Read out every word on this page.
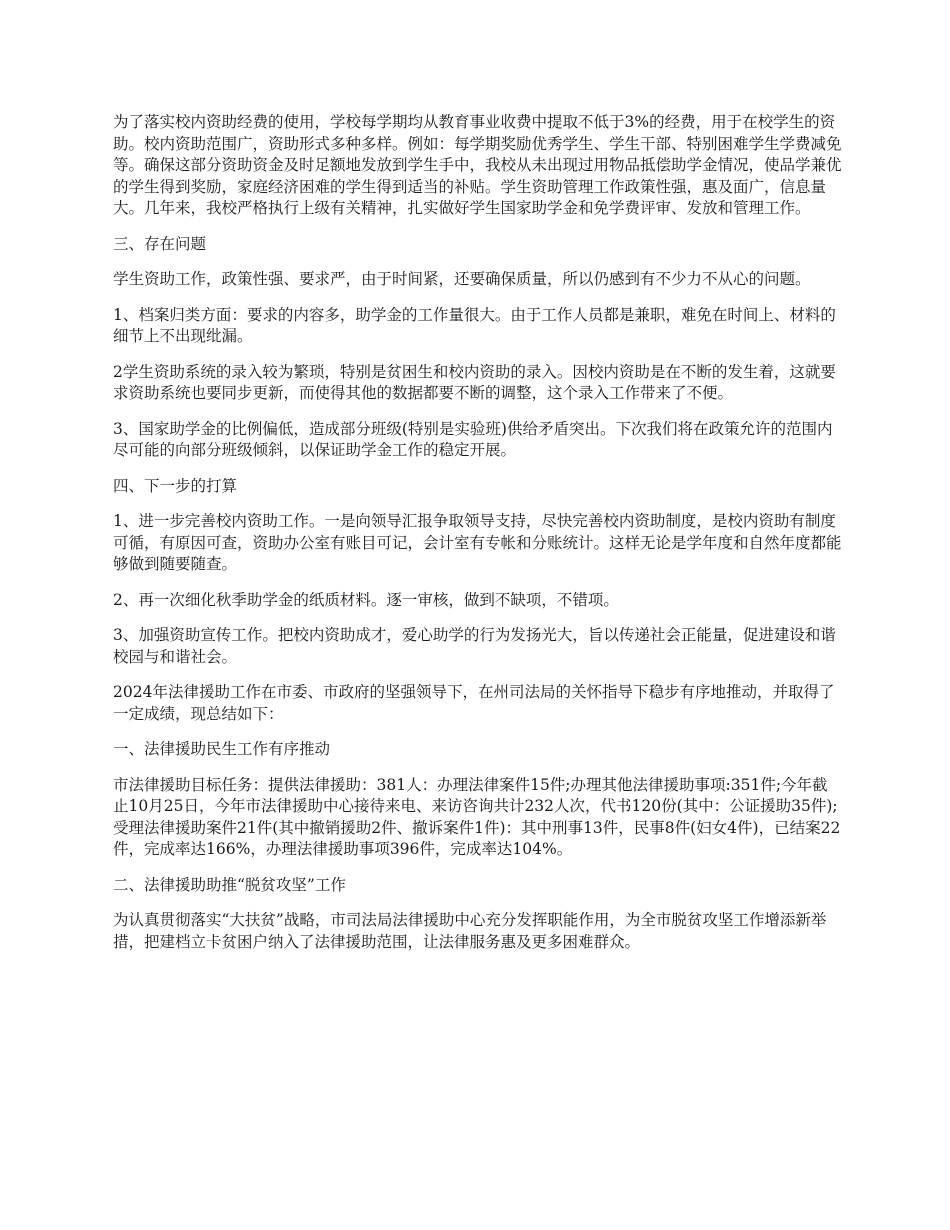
为了落实校内资助经费的使用，学校每学期均从教育事业收费中提取不低于3%的经费，用于在校学生的资助。校内资助范围广，资助形式多种多样。例如：每学期奖励优秀学生、学生干部、特别困难学生学费减免等。确保这部分资助资金及时足额地发放到学生手中，我校从未出现过用物品抵偿助学金情况，使品学兼优的学生得到奖励，家庭经济困难的学生得到适当的补贴。学生资助管理工作政策性强，惠及面广，信息量大。几年来，我校严格执行上级有关精神，扎实做好学生国家助学金和免学费评审、发放和管理工作。

三、存在问题

学生资助工作，政策性强、要求严，由于时间紧，还要确保质量，所以仍感到有不少力不从心的问题。

1、档案归类方面：要求的内容多，助学金的工作量很大。由于工作人员都是兼职，难免在时间上、材料的细节上不出现纰漏。

2学生资助系统的录入较为繁琐，特别是贫困生和校内资助的录入。因校内资助是在不断的发生着，这就要求资助系统也要同步更新，而使得其他的数据都要不断的调整，这个录入工作带来了不便。

3、国家助学金的比例偏低，造成部分班级(特别是实验班)供给矛盾突出。下次我们将在政策允许的范围内尽可能的向部分班级倾斜，以保证助学金工作的稳定开展。

四、下一步的打算

1、进一步完善校内资助工作。一是向领导汇报争取领导支持，尽快完善校内资助制度，是校内资助有制度可循，有原因可查，资助办公室有账目可记，会计室有专帐和分账统计。这样无论是学年度和自然年度都能够做到随要随查。

2、再一次细化秋季助学金的纸质材料。逐一审核，做到不缺项，不错项。

3、加强资助宣传工作。把校内资助成才，爱心助学的行为发扬光大，旨以传递社会正能量，促进建设和谐校园与和谐社会。

2024年法律援助工作在市委、市政府的坚强领导下，在州司法局的关怀指导下稳步有序地推动，并取得了一定成绩，现总结如下：

一、法律援助民生工作有序推动

市法律援助目标任务：提供法律援助：381人：办理法律案件15件;办理其他法律援助事项:351件;今年截止10月25日，今年市法律援助中心接待来电、来访咨询共计232人次，代书120份(其中：公证援助35件);受理法律援助案件21件(其中撤销援助2件、撤诉案件1件)：其中刑事13件，民事8件(妇女4件)，已结案22件，完成率达166%，办理法律援助事项396件，完成率达104%。

二、法律援助助推“脱贫攻坚”工作

为认真贯彻落实“大扶贫”战略，市司法局法律援助中心充分发挥职能作用，为全市脱贫攻坚工作增添新举措，把建档立卡贫困户纳入了法律援助范围，让法律服务惠及更多困难群众。
